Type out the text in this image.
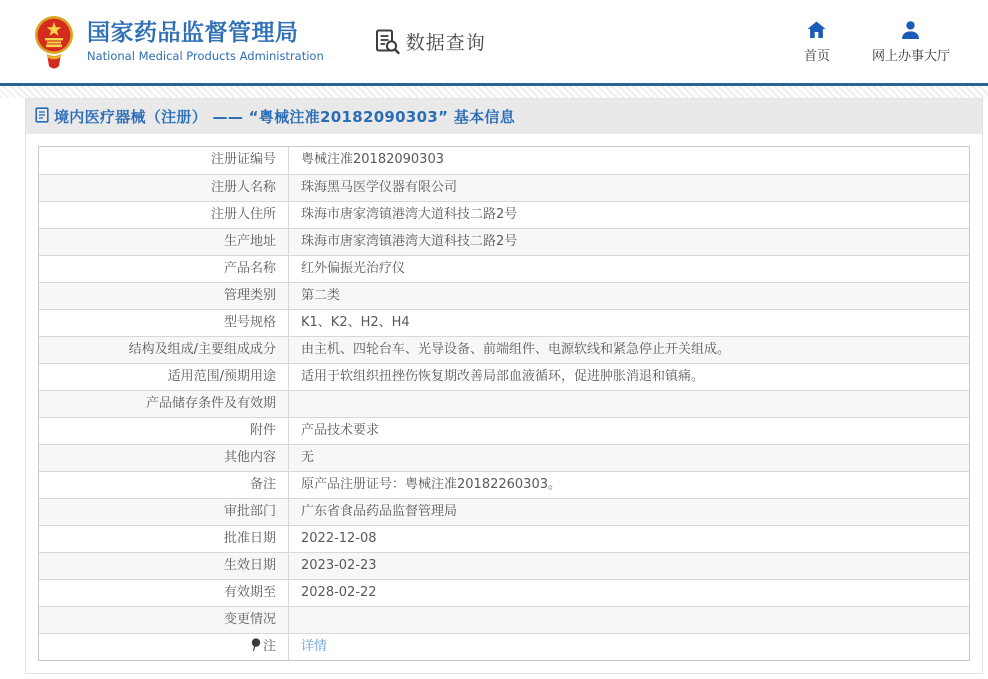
国家药品监督管理局
National Medical Products Administration
数据查询
首页	网上办事大厅
境内医疗器械（注册） —— “粤械注准20182090303” 基本信息
注册证编号	粤械注准20182090303
注册人名称	珠海黑马医学仪器有限公司
注册人住所	珠海市唐家湾镇港湾大道科技二路2号
生产地址	珠海市唐家湾镇港湾大道科技二路2号
产品名称	红外偏振光治疗仪
管理类别	第二类
型号规格	K1、K2、H2、H4
结构及组成/主要组成成分	由主机、四轮台车、光导设备、前端组件、电源软线和紧急停止开关组成。
适用范围/预期用途	适用于软组织扭挫伤恢复期改善局部血液循环，促进肿胀消退和镇痛。
产品储存条件及有效期
附件	产品技术要求
其他内容	无
备注	原产品注册证号：粤械注准20182260303。
审批部门	广东省食品药品监督管理局
批准日期	2022-12-08
生效日期	2023-02-23
有效期至	2028-02-22
变更情况
注	详情
